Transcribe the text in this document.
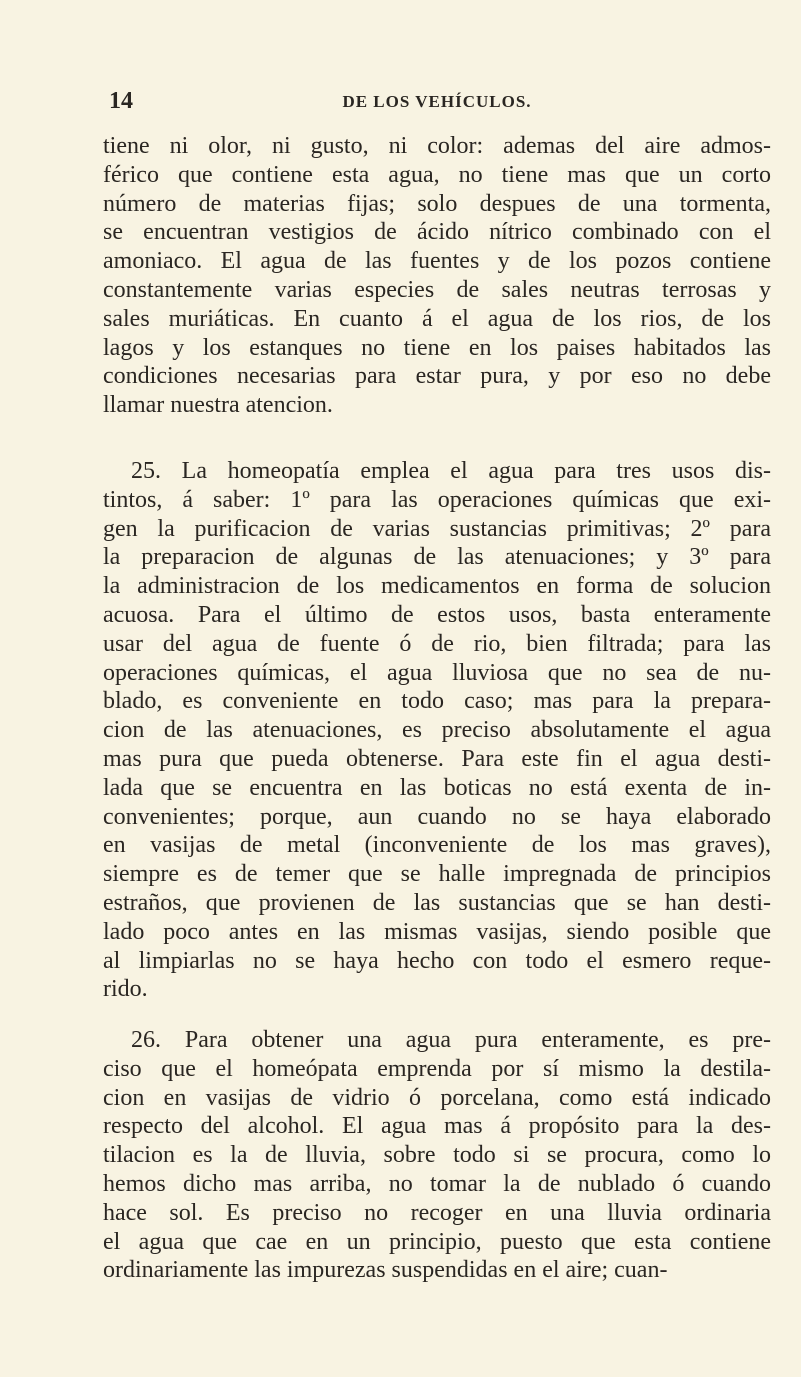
14	DE LOS VEHÍCULOS.
tiene ni olor, ni gusto, ni color: ademas del aire admos-
férico que contiene esta agua, no tiene mas que un corto
número de materias fijas; solo despues de una tormenta,
se encuentran vestigios de ácido nítrico combinado con el
amoniaco. El agua de las fuentes y de los pozos contiene
constantemente varias especies de sales neutras terrosas y
sales muriáticas. En cuanto á el agua de los rios, de los
lagos y los estanques no tiene en los paises habitados las
condiciones necesarias para estar pura, y por eso no debe
llamar nuestra atencion.
25. La homeopatía emplea el agua para tres usos dis-
tintos, á saber: 1º para las operaciones químicas que exi-
gen la purificacion de varias sustancias primitivas; 2º para
la preparacion de algunas de las atenuaciones; y 3º para
la administracion de los medicamentos en forma de solucion
acuosa. Para el último de estos usos, basta enteramente
usar del agua de fuente ó de rio, bien filtrada; para las
operaciones químicas, el agua lluviosa que no sea de nu-
blado, es conveniente en todo caso; mas para la prepara-
cion de las atenuaciones, es preciso absolutamente el agua
mas pura que pueda obtenerse. Para este fin el agua desti-
lada que se encuentra en las boticas no está exenta de in-
convenientes; porque, aun cuando no se haya elaborado
en vasijas de metal (inconveniente de los mas graves),
siempre es de temer que se halle impregnada de principios
estraños, que provienen de las sustancias que se han desti-
lado poco antes en las mismas vasijas, siendo posible que
al limpiarlas no se haya hecho con todo el esmero reque-
rido.
26. Para obtener una agua pura enteramente, es pre-
ciso que el homeópata emprenda por sí mismo la destila-
cion en vasijas de vidrio ó porcelana, como está indicado
respecto del alcohol. El agua mas á propósito para la des-
tilacion es la de lluvia, sobre todo si se procura, como lo
hemos dicho mas arriba, no tomar la de nublado ó cuando
hace sol. Es preciso no recoger en una lluvia ordinaria
el agua que cae en un principio, puesto que esta contiene
ordinariamente las impurezas suspendidas en el aire; cuan-
